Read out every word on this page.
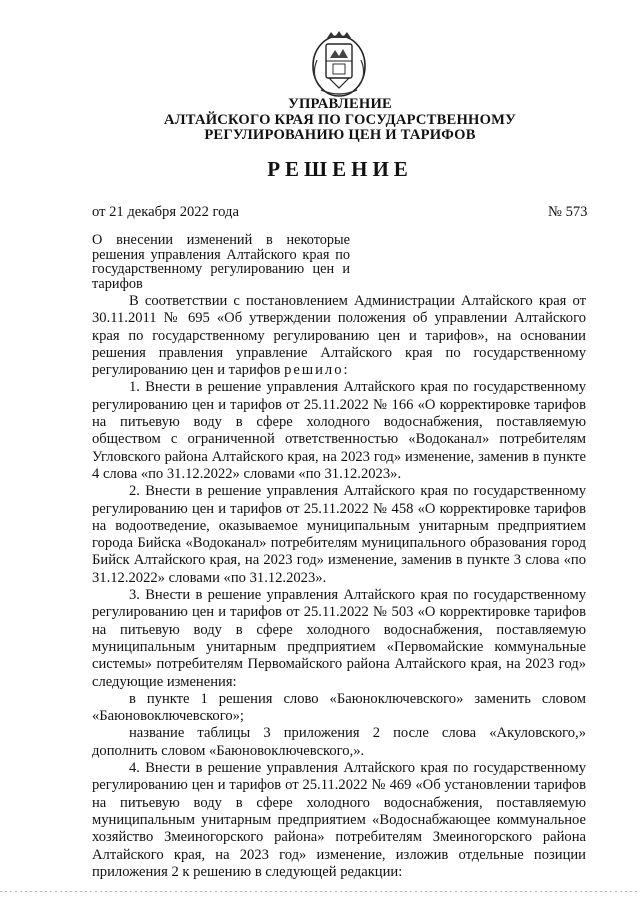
УПРАВЛЕНИЕ
АЛТАЙСКОГО КРАЯ ПО ГОСУДАРСТВЕННОМУ
РЕГУЛИРОВАНИЮ ЦЕН И ТАРИФОВ
РЕШЕНИЕ
от 21 декабря 2022 года	№ 573
О внесении изменений в некоторые решения управления Алтайского края по государственному регулированию цен и тарифов

В соответствии с постановлением Администрации Алтайского края от 30.11.2011 № 695 «Об утверждении положения об управлении Алтайского края по государственному регулированию цен и тарифов», на основании решения правления управление Алтайского края по государственному регулированию цен и тарифов решило:

1. Внести в решение управления Алтайского края по государственному регулированию цен и тарифов от 25.11.2022 № 166 «О корректировке тарифов на питьевую воду в сфере холодного водоснабжения, поставляемую обществом с ограниченной ответственностью «Водоканал» потребителям Угловского района Алтайского края, на 2023 год» изменение, заменив в пункте 4 слова «по 31.12.2022» словами «по 31.12.2023».

2. Внести в решение управления Алтайского края по государственному регулированию цен и тарифов от 25.11.2022 № 458 «О корректировке тарифов на водоотведение, оказываемое муниципальным унитарным предприятием города Бийска «Водоканал» потребителям муниципального образования город Бийск Алтайского края, на 2023 год» изменение, заменив в пункте 3 слова «по 31.12.2022» словами «по 31.12.2023».

3. Внести в решение управления Алтайского края по государственному регулированию цен и тарифов от 25.11.2022 № 503 «О корректировке тарифов на питьевую воду в сфере холодного водоснабжения, поставляемую муниципальным унитарным предприятием «Первомайские коммунальные системы» потребителям Первомайского района Алтайского края, на 2023 год» следующие изменения:

в пункте 1 решения слово «Баюноключевского» заменить словом «Баюновоключевского»;

название таблицы 3 приложения 2 после слова «Акуловского,» дополнить словом «Баюновоключевского,».

4. Внести в решение управления Алтайского края по государственному регулированию цен и тарифов от 25.11.2022 № 469 «Об установлении тарифов на питьевую воду в сфере холодного водоснабжения, поставляемую муниципальным унитарным предприятием «Водоснабжающее коммунальное хозяйство Змеиногорского района» потребителям Змеиногорского района Алтайского края, на 2023 год» изменение, изложив отдельные позиции приложения 2 к решению в следующей редакции:
